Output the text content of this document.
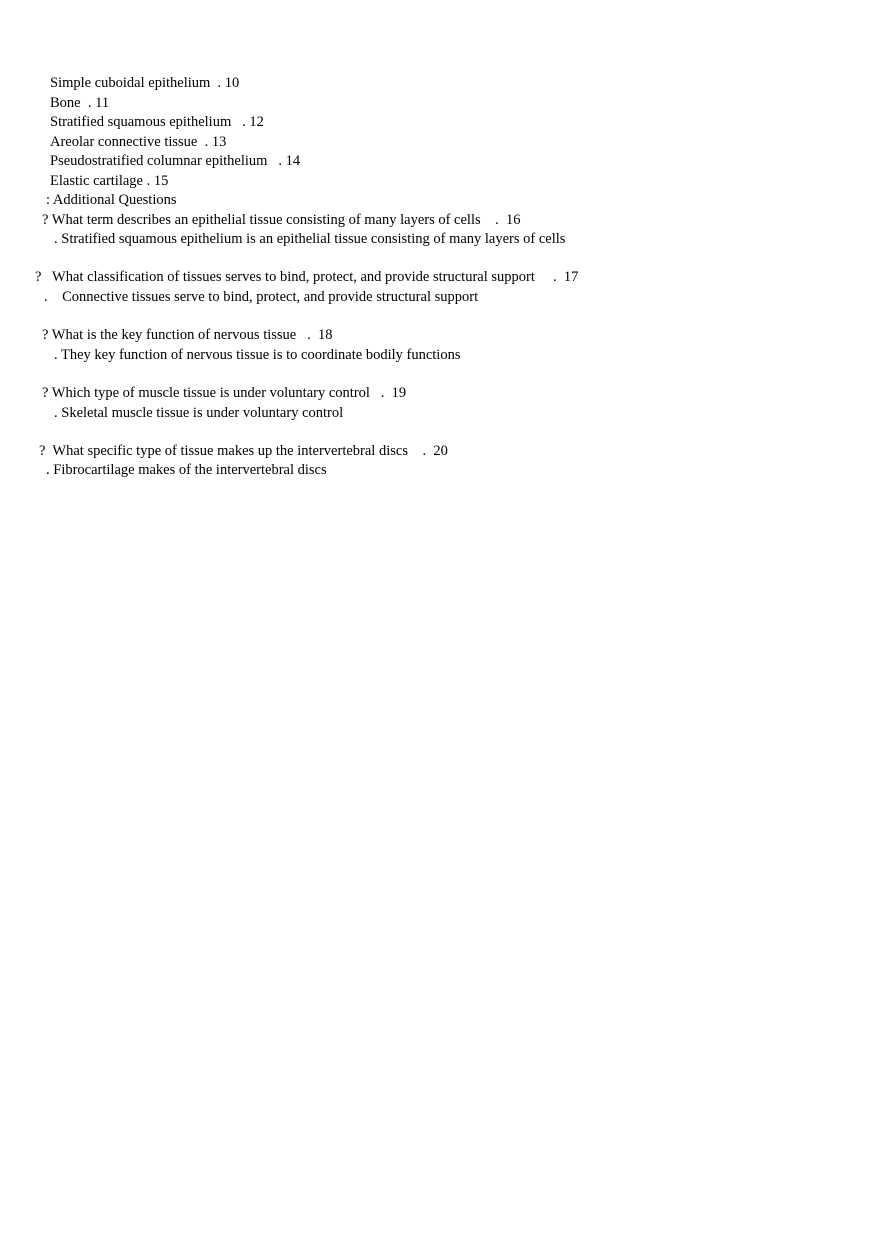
Simple cuboidal epithelium  . 10
Bone  . 11
Stratified squamous epithelium   . 12
Areolar connective tissue  . 13
Pseudostratified columnar epithelium   . 14
Elastic cartilage . 15
: Additional Questions
? What term describes an epithelial tissue consisting of many layers of cells    .  16
. Stratified squamous epithelium is an epithelial tissue consisting of many layers of cells
?   What classification of tissues serves to bind, protect, and provide structural support     .  17
.    Connective tissues serve to bind, protect, and provide structural support
? What is the key function of nervous tissue   .  18
. They key function of nervous tissue is to coordinate bodily functions
? Which type of muscle tissue is under voluntary control   .  19
. Skeletal muscle tissue is under voluntary control
?  What specific type of tissue makes up the intervertebral discs    .  20
. Fibrocartilage makes of the intervertebral discs
